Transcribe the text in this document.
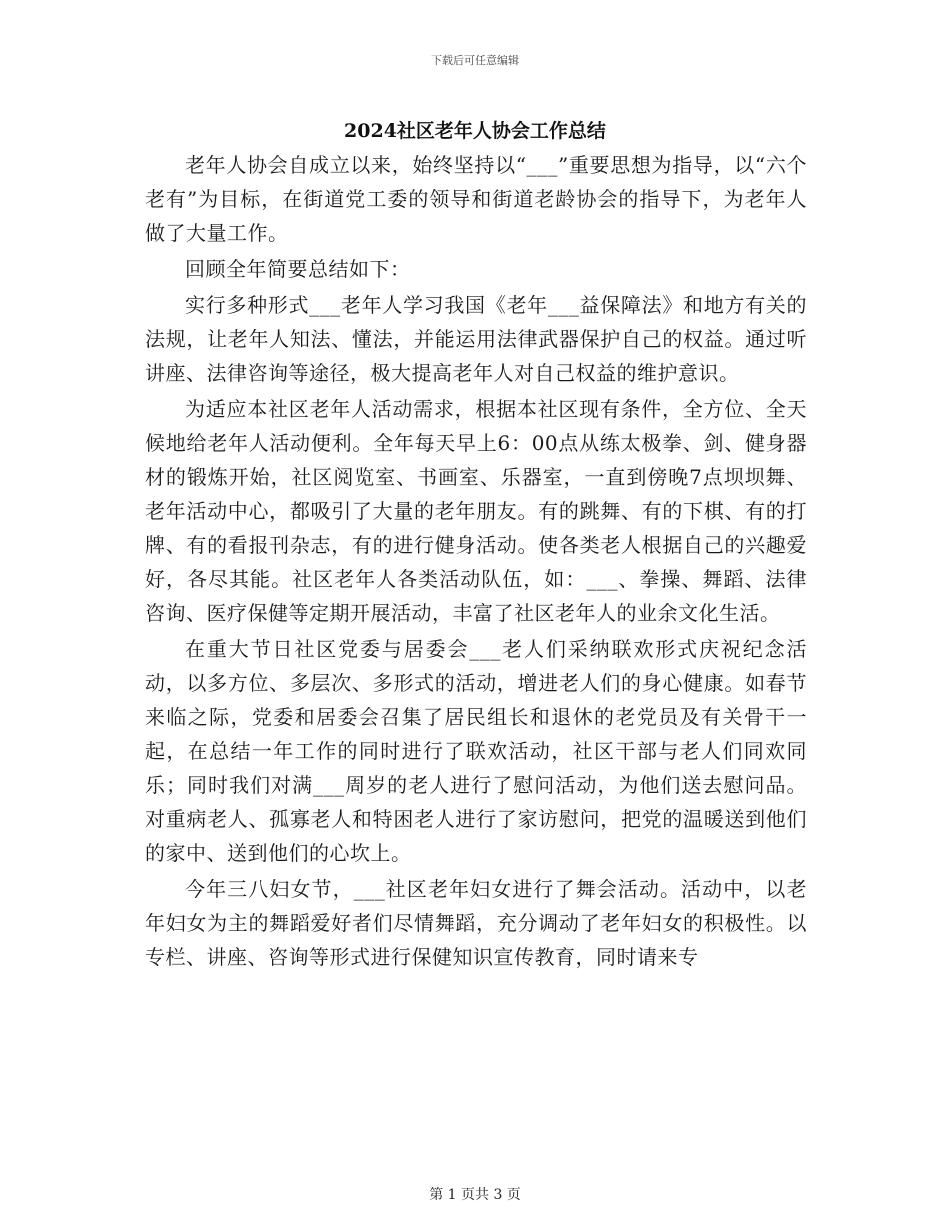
下载后可任意编辑
2024社区老年人协会工作总结

老年人协会自成立以来，始终坚持以“___”重要思想为指导，以“六个老有”为目标，在街道党工委的领导和街道老龄协会的指导下，为老年人做了大量工作。

回顾全年简要总结如下：

实行多种形式___老年人学习我国《老年___益保障法》和地方有关的法规，让老年人知法、懂法，并能运用法律武器保护自己的权益。通过听讲座、法律咨询等途径，极大提高老年人对自己权益的维护意识。

为适应本社区老年人活动需求，根据本社区现有条件，全方位、全天候地给老年人活动便利。全年每天早上6：00点从练太极拳、剑、健身器材的锻炼开始，社区阅览室、书画室、乐器室，一直到傍晚7点坝坝舞、老年活动中心，都吸引了大量的老年朋友。有的跳舞、有的下棋、有的打牌、有的看报刊杂志，有的进行健身活动。使各类老人根据自己的兴趣爱好，各尽其能。社区老年人各类活动队伍，如：___、拳操、舞蹈、法律咨询、医疗保健等定期开展活动，丰富了社区老年人的业余文化生活。

在重大节日社区党委与居委会___老人们采纳联欢形式庆祝纪念活动，以多方位、多层次、多形式的活动，增进老人们的身心健康。如春节来临之际，党委和居委会召集了居民组长和退休的老党员及有关骨干一起，在总结一年工作的同时进行了联欢活动，社区干部与老人们同欢同乐；同时我们对满___周岁的老人进行了慰问活动，为他们送去慰问品。对重病老人、孤寡老人和特困老人进行了家访慰问，把党的温暖送到他们的家中、送到他们的心坎上。

今年三八妇女节，___社区老年妇女进行了舞会活动。活动中，以老年妇女为主的舞蹈爱好者们尽情舞蹈，充分调动了老年妇女的积极性。以专栏、讲座、咨询等形式进行保健知识宣传教育，同时请来专

第 1 页共 3 页
